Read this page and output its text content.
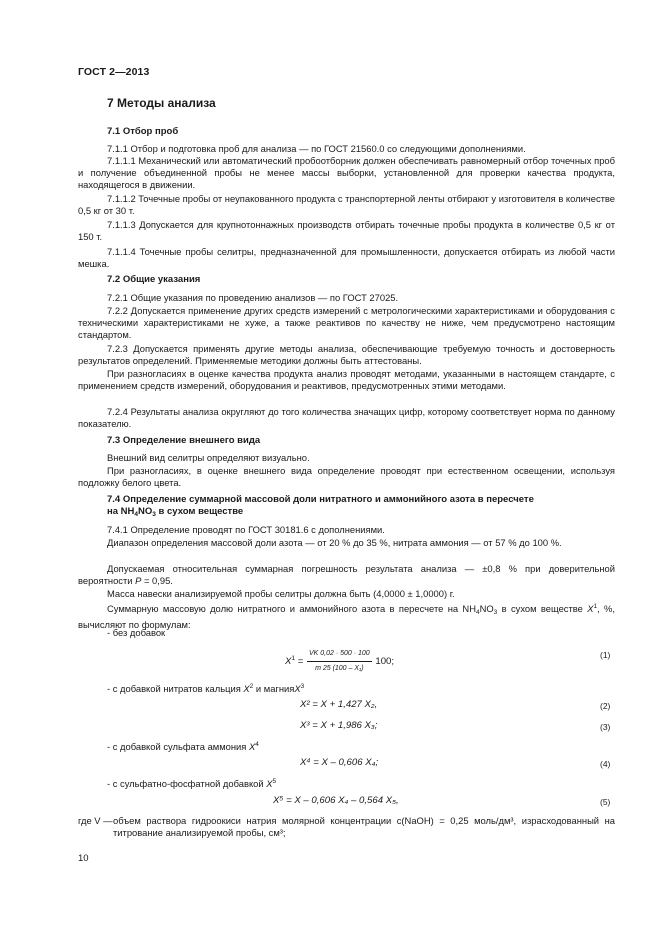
ГОСТ 2—2013
7 Методы анализа
7.1 Отбор проб

7.1.1 Отбор и подготовка проб для анализа — по ГОСТ 21560.0 со следующими дополнениями.

7.1.1.1 Механический или автоматический пробоотборник должен обеспечивать равномерный отбор точечных проб и получение объединенной пробы не менее массы выборки, установленной для проверки качества продукта, находящегося в движении.

7.1.1.2 Точечные пробы от неупакованного продукта с транспортерной ленты отбирают у изготовителя в количестве 0,5 кг от 30 т.

7.1.1.3 Допускается для крупнотоннажных производств отбирать точечные пробы продукта в количестве 0,5 кг от 150 т.

7.1.1.4 Точечные пробы селитры, предназначенной для промышленности, допускается отбирать из любой части мешка.

7.2 Общие указания

7.2.1 Общие указания по проведению анализов — по ГОСТ 27025.

7.2.2 Допускается применение других средств измерений с метрологическими характеристиками и оборудования с техническими характеристиками не хуже, а также реактивов по качеству не ниже, чем предусмотрено настоящим стандартом.

7.2.3 Допускается применять другие методы анализа, обеспечивающие требуемую точность и достоверность результатов определений. Применяемые методики должны быть аттестованы.

При разногласиях в оценке качества продукта анализ проводят методами, указанными в настоящем стандарте, с применением средств измерений, оборудования и реактивов, предусмотренных этими методами.

7.2.4 Результаты анализа округляют до того количества значащих цифр, которому соответствует норма по данному показателю.

7.3 Определение внешнего вида

Внешний вид селитры определяют визуально.

При разногласиях, в оценке внешнего вида определение проводят при естественном освещении, используя подложку белого цвета.

7.4 Определение суммарной массовой доли нитратного и аммонийного азота в пересчете
на $NH_4NO_3$ в сухом веществе

7.4.1 Определение проводят по ГОСТ 30181.6 с дополнениями.

Диапазон определения массовой доли азота — от 20 % до 35 %, нитрата аммония — от 57 % до 100 %.

Допускаемая относительная суммарная погрешность результата анализа — ±0,8 % при доверительной вероятности P = 0,95.

Масса навески анализируемой пробы селитры должна быть (4,0000 ± 1,0000) г.

Суммарную массовую долю нитратного и аммонийного азота в пересчете на $NH_4NO_3$ в сухом веществе $X^1$, %, вычисляют по формулам:

- без добавок
$X^1 = \frac{VK 0,02 \cdot 500 \cdot 100}{\text{m 25 (100 – X₁)}} 100$;
(1)
- с добавкой нитратов кальция $X^2$ и магнияX$^3$
X² = X + 1,427 X₂,	(2)
X³ = X + 1,986 X₃;	(3)
- с добавкой сульфата аммония $X^4$
X⁴ = X – 0,606 X₄;	(4)
- с сульфатно-фосфатной добавкой $X^5$
X⁵ = X – 0,606 X₄ – 0,564 X₅,	(5)
где V — объем раствора гидроокиси натрия молярной концентрации с(NaOH) = 0,25 моль/дм³, израсходованный на титрование анализируемой пробы, см³;
10
